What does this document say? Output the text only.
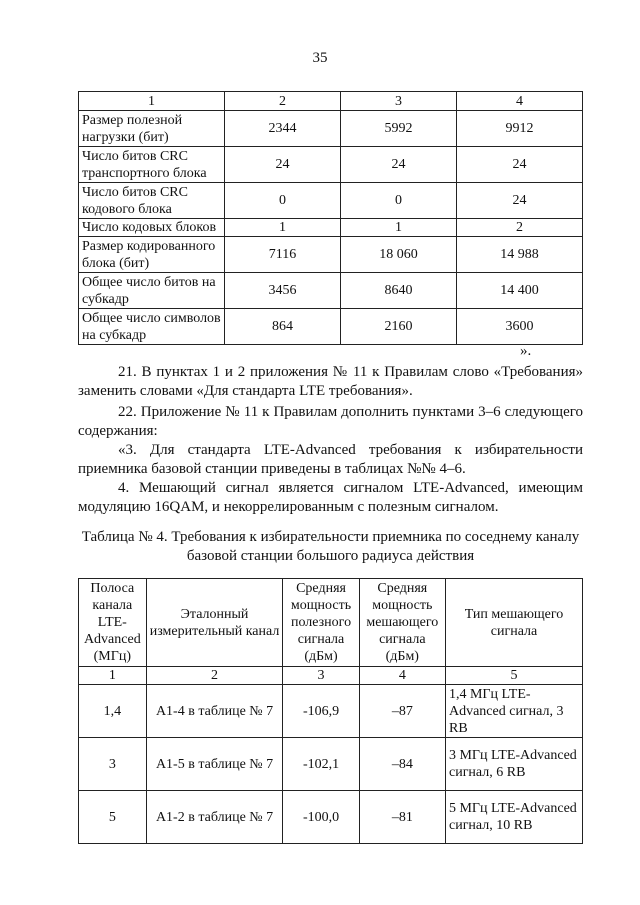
35
1	2	3	4
Размер полезной нагрузки (бит)	2344	5992	9912
Число битов CRC транспортного блока	24	24	24
Число битов CRC кодового блока	0	0	24
Число кодовых блоков	1	1	2
Размер кодированного блока (бит)	7116	18 060	14 988
Общее число битов на субкадр	3456	8640	14 400
Общее число символов на субкадр	864	2160	3600
».
21. В пунктах 1 и 2 приложения № 11 к Правилам слово «Требования» заменить словами «Для стандарта LTE требования».
22. Приложение № 11 к Правилам дополнить пунктами 3–6 следующего содержания:
«3. Для стандарта LTE-Advanced требования к избирательности приемника базовой станции приведены в таблицах №№ 4–6.
4. Мешающий сигнал является сигналом LTE-Advanced, имеющим модуляцию 16QAM, и некоррелированным с полезным сигналом.
Таблица № 4. Требования к избирательности приемника по соседнему каналу базовой станции большого радиуса действия
Полоса канала LTE-Advanced (МГц)	Эталонный измерительный канал	Средняя мощность полезного сигнала (дБм)	Средняя мощность мешающего сигнала (дБм)	Тип мешающего сигнала
1	2	3	4	5
1,4	A1-4 в таблице № 7	-106,9	–87	1,4 МГц LTE-Advanced сигнал, 3 RB
3	A1-5 в таблице № 7	-102,1	–84	3 МГц LTE-Advanced сигнал, 6 RB
5	A1-2 в таблице № 7	-100,0	–81	5 МГц LTE-Advanced сигнал, 10 RB
